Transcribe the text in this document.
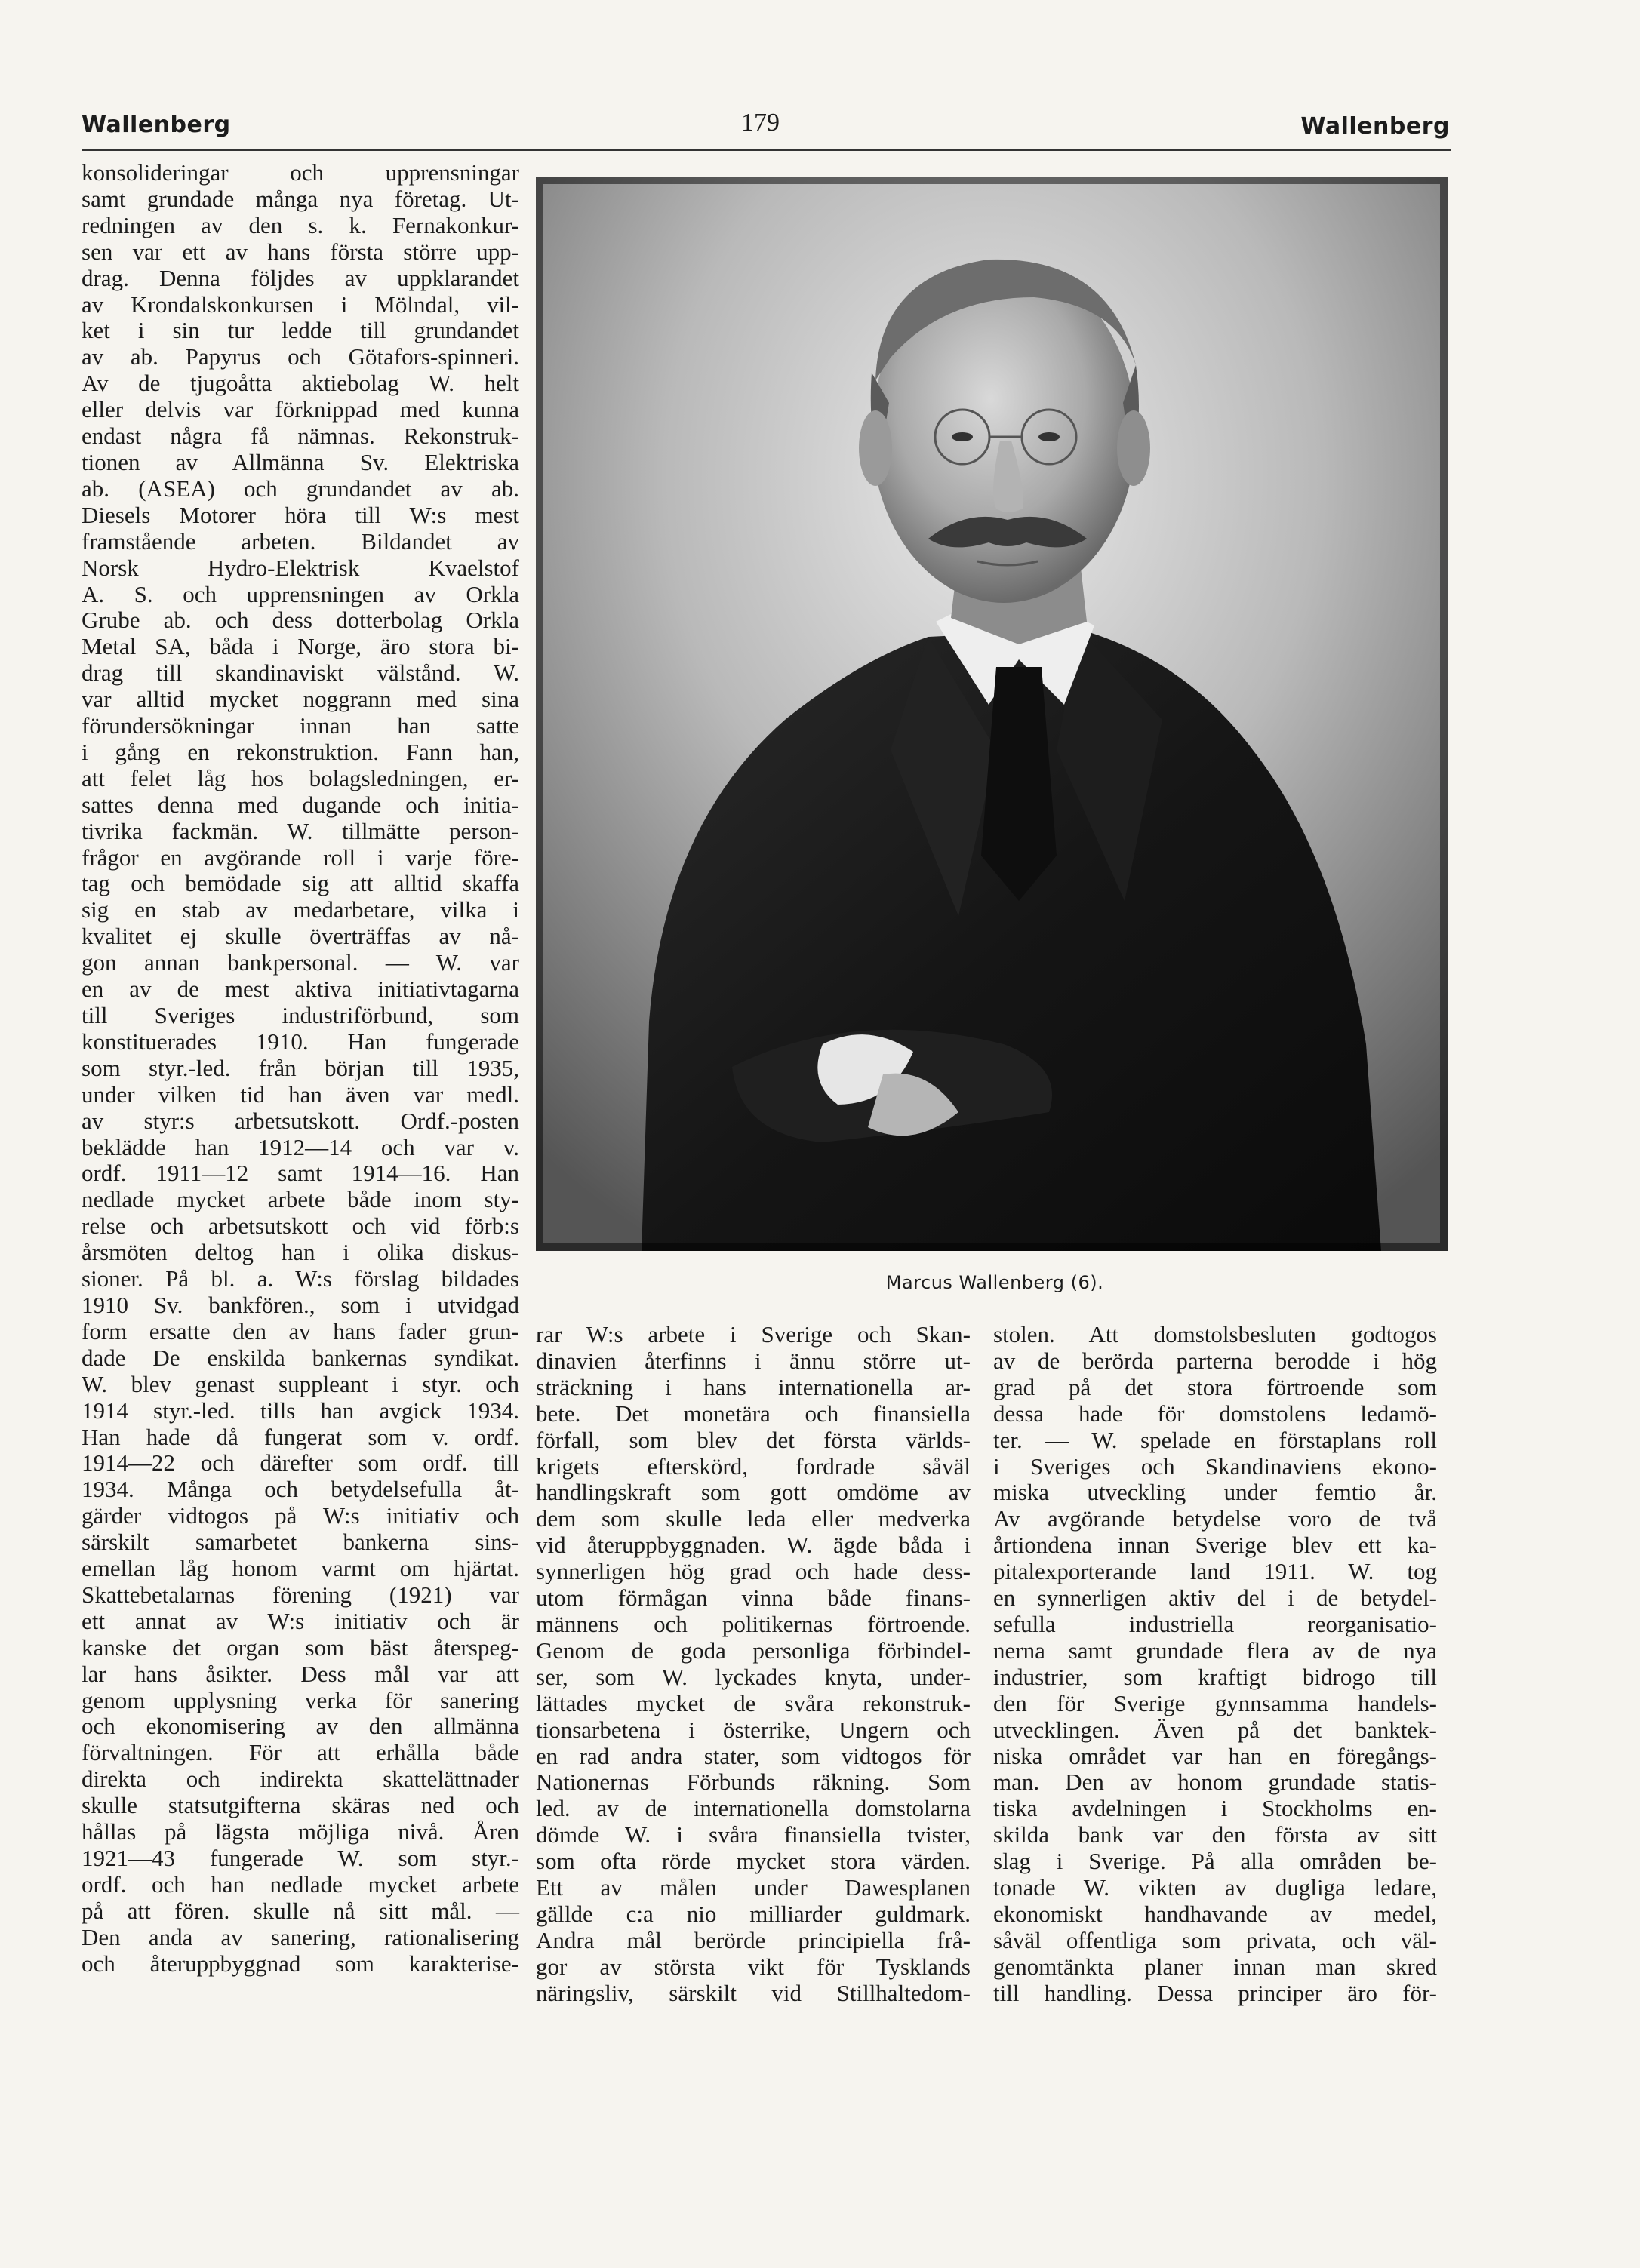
Wallenberg	179	Wallenberg
konsolideringar och upprensningar
samt grundade många nya företag. Ut-
redningen av den s. k. Fernakonkur-
sen var ett av hans första större upp-
drag. Denna följdes av uppklarandet
av Krondalskonkursen i Mölndal, vil-
ket i sin tur ledde till grundandet
av ab. Papyrus och Götafors-spinneri.
Av de tjugoåtta aktiebolag W. helt
eller delvis var förknippad med kunna
endast några få nämnas. Rekonstruk-
tionen av Allmänna Sv. Elektriska
ab. (ASEA) och grundandet av ab.
Diesels Motorer höra till W:s mest
framstående arbeten. Bildandet av
Norsk Hydro-Elektrisk Kvaelstof
A. S. och upprensningen av Orkla
Grube ab. och dess dotterbolag Orkla
Metal SA, båda i Norge, äro stora bi-
drag till skandinaviskt välstånd. W.
var alltid mycket noggrann med sina
förundersökningar innan han satte
i gång en rekonstruktion. Fann han,
att felet låg hos bolagsledningen, er-
sattes denna med dugande och initia-
tivrika fackmän. W. tillmätte person-
frågor en avgörande roll i varje före-
tag och bemödade sig att alltid skaffa
sig en stab av medarbetare, vilka i
kvalitet ej skulle överträffas av nå-
gon annan bankpersonal. — W. var
en av de mest aktiva initiativtagarna
till Sveriges industriförbund, som
konstituerades 1910. Han fungerade
som styr.-led. från början till 1935,
under vilken tid han även var medl.
av styr:s arbetsutskott. Ordf.-posten
beklädde han 1912—14 och var v.
ordf. 1911—12 samt 1914—16. Han
nedlade mycket arbete både inom sty-
relse och arbetsutskott och vid förb:s
årsmöten deltog han i olika diskus-
sioner. På bl. a. W:s förslag bildades
1910 Sv. bankfören., som i utvidgad
form ersatte den av hans fader grun-
dade De enskilda bankernas syndikat.
W. blev genast suppleant i styr. och
1914 styr.-led. tills han avgick 1934.
Han hade då fungerat som v. ordf.
1914—22 och därefter som ordf. till
1934. Många och betydelsefulla åt-
gärder vidtogos på W:s initiativ och
särskilt samarbetet bankerna sins-
emellan låg honom varmt om hjärtat.
Skattebetalarnas förening (1921) var
ett annat av W:s initiativ och är
kanske det organ som bäst återspeg-
lar hans åsikter. Dess mål var att
genom upplysning verka för sanering
och ekonomisering av den allmänna
förvaltningen. För att erhålla både
direkta och indirekta skattelättnader
skulle statsutgifterna skäras ned och
hållas på lägsta möjliga nivå. Åren
1921—43 fungerade W. som styr.-
ordf. och han nedlade mycket arbete
på att fören. skulle nå sitt mål. —
Den anda av sanering, rationalisering
och återuppbyggnad som karakterise-
Marcus Wallenberg (6).
rar W:s arbete i Sverige och Skan-
dinavien återfinns i ännu större ut-
sträckning i hans internationella ar-
bete. Det monetära och finansiella
förfall, som blev det första världs-
krigets efterskörd, fordrade såväl
handlingskraft som gott omdöme av
dem som skulle leda eller medverka
vid återuppbyggnaden. W. ägde båda i
synnerligen hög grad och hade dess-
utom förmågan vinna både finans-
männens och politikernas förtroende.
Genom de goda personliga förbindel-
ser, som W. lyckades knyta, under-
lättades mycket de svåra rekonstruk-
tionsarbetena i österrike, Ungern och
en rad andra stater, som vidtogos för
Nationernas Förbunds räkning. Som
led. av de internationella domstolarna
dömde W. i svåra finansiella tvister,
som ofta rörde mycket stora värden.
Ett av målen under Dawesplanen
gällde c:a nio milliarder guldmark.
Andra mål berörde principiella frå-
gor av största vikt för Tysklands
näringsliv, särskilt vid Stillhaltedom-
stolen. Att domstolsbesluten godtogos
av de berörda parterna berodde i hög
grad på det stora förtroende som
dessa hade för domstolens ledamö-
ter. — W. spelade en förstaplans roll
i Sveriges och Skandinaviens ekono-
miska utveckling under femtio år.
Av avgörande betydelse voro de två
årtiondena innan Sverige blev ett ka-
pitalexporterande land 1911. W. tog
en synnerligen aktiv del i de betydel-
sefulla industriella reorganisatio-
nerna samt grundade flera av de nya
industrier, som kraftigt bidrogo till
den för Sverige gynnsamma handels-
utvecklingen. Även på det banktek-
niska området var han en föregångs-
man. Den av honom grundade statis-
tiska avdelningen i Stockholms en-
skilda bank var den första av sitt
slag i Sverige. På alla områden be-
tonade W. vikten av dugliga ledare,
ekonomiskt handhavande av medel,
såväl offentliga som privata, och väl-
genomtänkta planer innan man skred
till handling. Dessa principer äro för-
